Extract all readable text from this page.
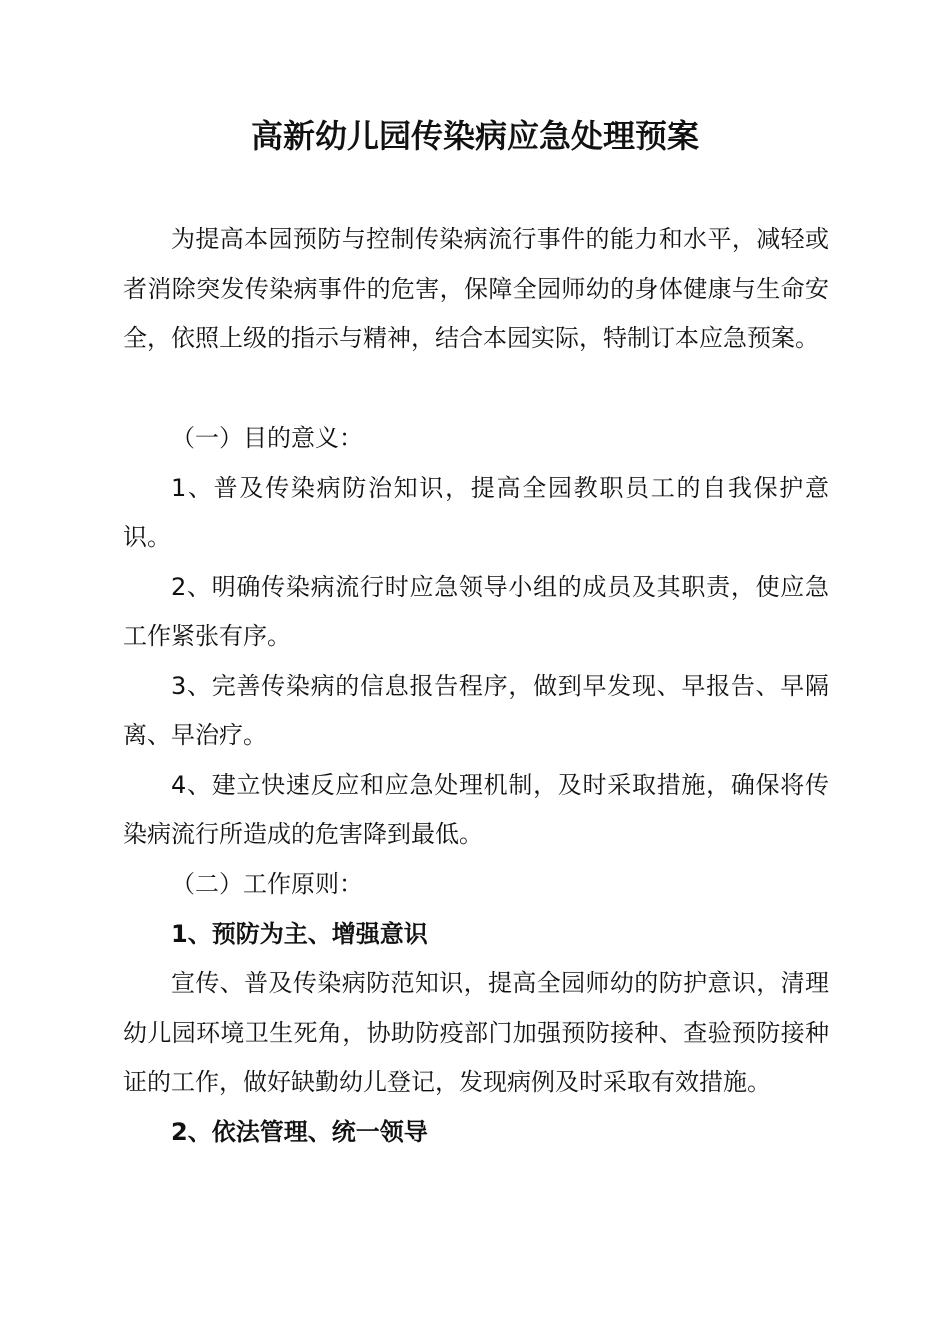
高新幼儿园传染病应急处理预案

为提高本园预防与控制传染病流行事件的能力和水平，减轻或者消除突发传染病事件的危害，保障全园师幼的身体健康与生命安全，依照上级的指示与精神，结合本园实际，特制订本应急预案。

（一）目的意义：

1、普及传染病防治知识，提高全园教职员工的自我保护意识。

2、明确传染病流行时应急领导小组的成员及其职责，使应急工作紧张有序。

3、完善传染病的信息报告程序，做到早发现、早报告、早隔离、早治疗。

4、建立快速反应和应急处理机制，及时采取措施，确保将传染病流行所造成的危害降到最低。

（二）工作原则：

1、预防为主、增强意识

宣传、普及传染病防范知识，提高全园师幼的防护意识，清理幼儿园环境卫生死角，协助防疫部门加强预防接种、查验预防接种证的工作，做好缺勤幼儿登记，发现病例及时采取有效措施。

2、依法管理、统一领导
